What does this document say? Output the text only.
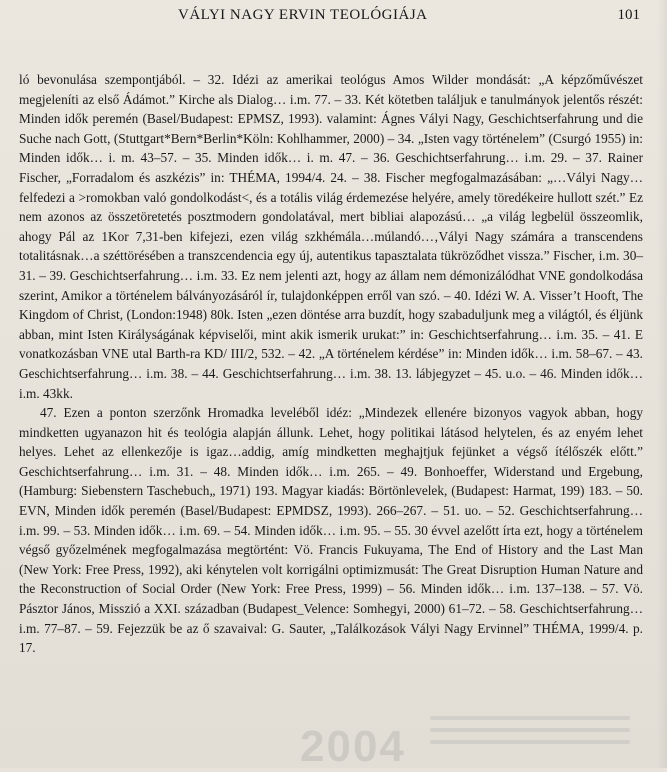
VÁLYI NAGY ERVIN TEOLÓGIÁJA	101

ló bevonulása szempontjából. – 32. Idézi az amerikai teológus Amos Wilder mondását: „A képzőművészet megjeleníti az első Ádámot.” Kirche als Dialog… i.m. 77. – 33. Két kötetben találjuk e tanulmányok jelentős részét: Minden idők peremén (Basel/Budapest: EPMSZ, 1993). valamint: Ágnes Vályi Nagy, Geschichtserfahrung und die Suche nach Gott, (Stuttgart*Bern*Berlin*Köln: Kohlhammer, 2000) – 34. „Isten vagy történelem” (Csurgó 1955) in: Minden idők… i. m. 43–57. – 35. Minden idők… i. m. 47. – 36. Geschichtserfahrung… i.m. 29. – 37. Rainer Fischer, „Forradalom és aszkézis” in: THÉMA, 1994/4. 24. – 38. Fischer megfogalmazásában: „…Vályi Nagy…felfedezi a >romokban való gondolkodást<, és a totális világ érdemezése helyére, amely töredékeire hullott szét.” Ez nem azonos az összetöretetés posztmodern gondolatával, mert bibliai alapozású… „a világ legbelül összeomlik, ahogy Pál az 1Kor 7,31-ben kifejezi, ezen világ szkhémála…múlandó…‚Vályi Nagy számára a transcendens totalitásnak…a széttörésében a transzcendencia egy új, autentikus tapasztalata tükröződhet vissza.” Fischer, i.m. 30–31. – 39. Geschichtserfahrung… i.m. 33. Ez nem jelenti azt, hogy az állam nem démonizálódhat VNE gondolkodása szerint, Amikor a történelem bálványozásáról ír, tulajdonképpen erről van szó. – 40. Idézi W. A. Visser’t Hooft, The Kingdom of Christ, (London:1948) 80k. Isten „ezen döntése arra buzdít, hogy szabaduljunk meg a világtól, és éljünk abban, mint Isten Királyságának képviselői, mint akik ismerik urukat:” in: Geschichtserfahrung… i.m. 35. – 41. E vonatkozásban VNE utal Barth-ra KD/ III/2, 532. – 42. „A történelem kérdése” in: Minden idők… i.m. 58–67. – 43. Geschichtserfahrung… i.m. 38. – 44. Geschichtserfahrung… i.m. 38. 13. lábjegyzet – 45. u.o. – 46. Minden idők… i.m. 43kk.

47. Ezen a ponton szerzőnk Hromadka leveléből idéz: „Mindezek ellenére bizonyos vagyok abban, hogy mindketten ugyanazon hit és teológia alapján állunk. Lehet, hogy politikai látásod helytelen, és az enyém lehet helyes. Lehet az ellenkezője is igaz…addig, amíg mindketten meghajtjuk fejünket a végső ítélőszék előtt.” Geschichtserfahrung… i.m. 31. – 48. Minden idők… i.m. 265. – 49. Bonhoeffer, Widerstand und Ergebung, (Hamburg: Siebenstern Taschebuch„ 1971) 193. Magyar kiadás: Börtönlevelek, (Budapest: Harmat, 199) 183. – 50. EVN, Minden idők peremén (Basel/Budapest: EPMDSZ, 1993). 266–267. – 51. uo. – 52. Geschichtserfahrung… i.m. 99. – 53. Minden idők… i.m. 69. – 54. Minden idők… i.m. 95. – 55. 30 évvel azelőtt írta ezt, hogy a történelem végső győzelmének megfogalmazása megtörtént: Vö. Francis Fukuyama, The End of History and the Last Man (New York: Free Press, 1992), aki kénytelen volt korrigálni optimizmusát: The Great Disruption Human Nature and the Reconstruction of Social Order (New York: Free Press, 1999) – 56. Minden idők… i.m. 137–138. – 57. Vö. Pásztor János, Misszió a XXI. században (Budapest_Velence: Somhegyi, 2000) 61–72. – 58. Geschichtserfahrung… i.m. 77–87. – 59. Fejezzük be az ő szavaival: G. Sauter, „Találkozások Vályi Nagy Ervinnel” THÉMA, 1999/4. p. 17.

2004
